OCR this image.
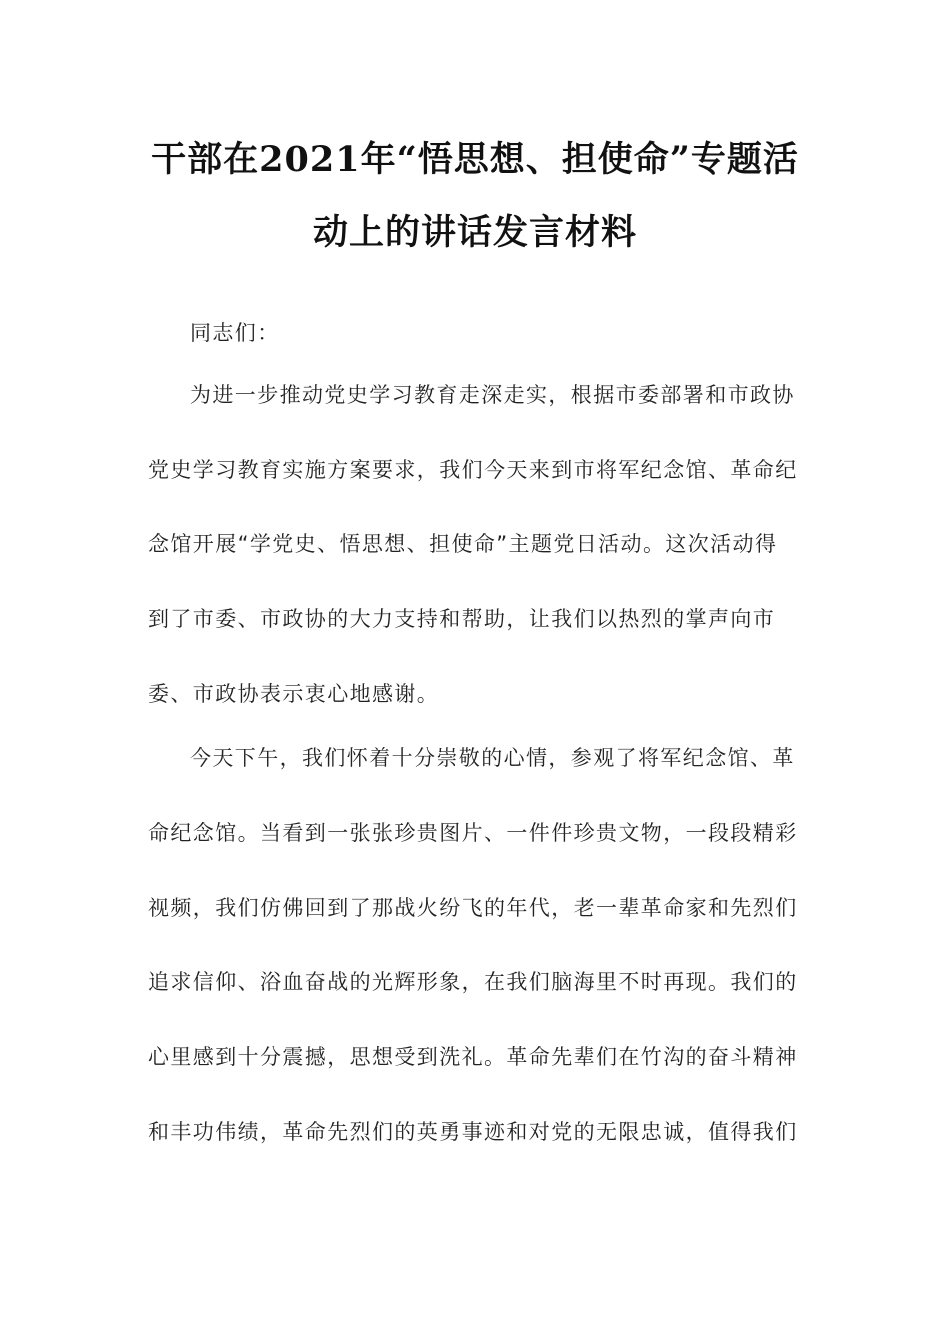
干部在2021年“悟思想、担使命”专题活
动上的讲话发言材料
同志们：
为进一步推动党史学习教育走深走实，根据市委部署和市政协
党史学习教育实施方案要求，我们今天来到市将军纪念馆、革命纪
念馆开展“学党史、悟思想、担使命”主题党日活动。这次活动得
到了市委、市政协的大力支持和帮助，让我们以热烈的掌声向市
委、市政协表示衷心地感谢。
今天下午，我们怀着十分崇敬的心情，参观了将军纪念馆、革
命纪念馆。当看到一张张珍贵图片、一件件珍贵文物，一段段精彩
视频，我们仿佛回到了那战火纷飞的年代，老一辈革命家和先烈们
追求信仰、浴血奋战的光辉形象，在我们脑海里不时再现。我们的
心里感到十分震撼，思想受到洗礼。革命先辈们在竹沟的奋斗精神
和丰功伟绩，革命先烈们的英勇事迹和对党的无限忠诚，值得我们
